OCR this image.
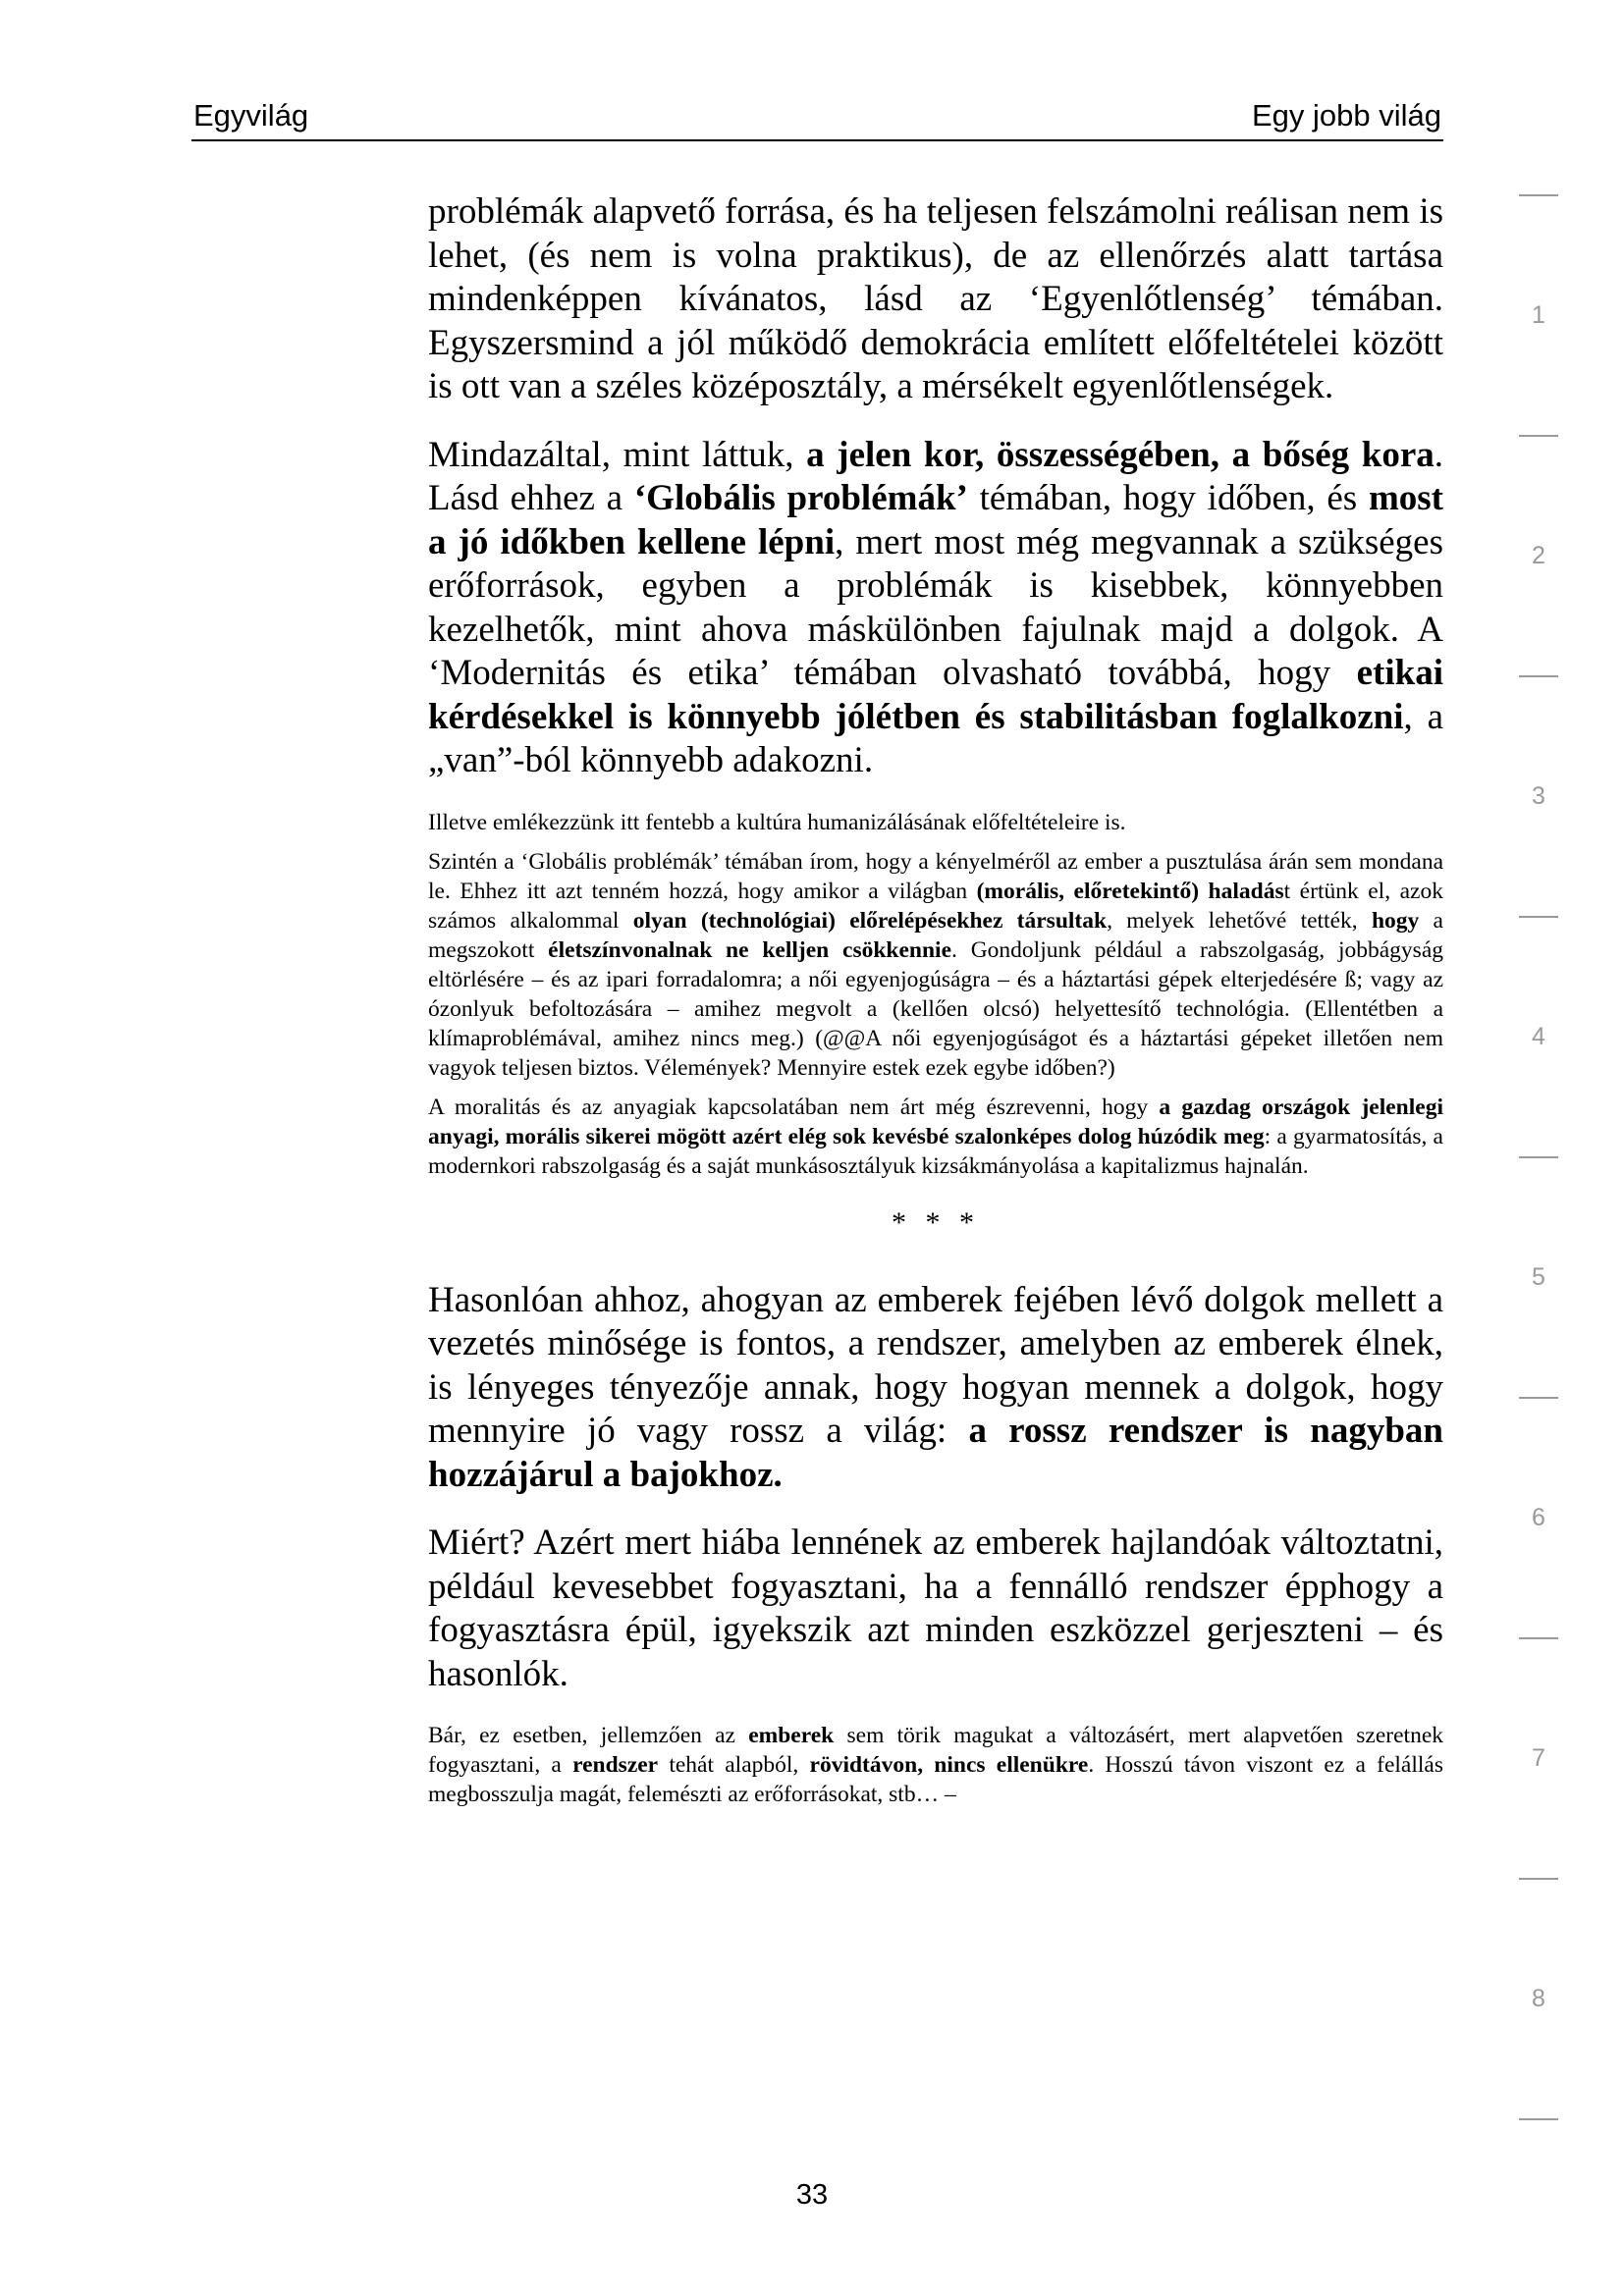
Egyvilág	Egy jobb világ

problémák alapvető forrása, és ha teljesen felszámolni reálisan nem is lehet, (és nem is volna praktikus), de az ellenőrzés alatt tartása mindenképpen kívánatos, lásd az ‘Egyenlőtlenség’ témában. Egyszersmind a jól működő demokrácia említett előfeltételei között is ott van a széles középosztály, a mérsékelt egyenlőtlenségek.

Mindazáltal, mint láttuk, a jelen kor, összességében, a bőség kora. Lásd ehhez a ‘Globális problémák’ témában, hogy időben, és most a jó időkben kellene lépni, mert most még megvannak a szükséges erőforrások, egyben a problémák is kisebbek, könnyebben kezelhetők, mint ahova máskülönben fajulnak majd a dolgok. A ‘Modernitás és etika’ témában olvasható továbbá, hogy etikai kérdésekkel is könnyebb jólétben és stabilitásban foglalkozni, a „van”-ból könnyebb adakozni.

Illetve emlékezzünk itt fentebb a kultúra humanizálásának előfeltételeire is.

Szintén a ‘Globális problémák’ témában írom, hogy a kényelméről az ember a pusztulása árán sem mondana le. Ehhez itt azt tenném hozzá, hogy amikor a világban (morális, előretekintő) haladást értünk el, azok számos alkalommal olyan (technológiai) előrelépésekhez társultak, melyek lehetővé tették, hogy a megszokott életszínvonalnak ne kelljen csökkennie. Gondoljunk például a rabszolgaság, jobbágyság eltörlésére – és az ipari forradalomra; a női egyenjogúságra – és a háztartási gépek elterjedésére ß; vagy az ózonlyuk befoltozására – amihez megvolt a (kellően olcsó) helyettesítő technológia. (Ellentétben a klímaproblémával, amihez nincs meg.) (@@A női egyenjogúságot és a háztartási gépeket illetően nem vagyok teljesen biztos. Vélemények? Mennyire estek ezek egybe időben?)

A moralitás és az anyagiak kapcsolatában nem árt még észrevenni, hogy a gazdag országok jelenlegi anyagi, morális sikerei mögött azért elég sok kevésbé szalonképes dolog húzódik meg: a gyarmatosítás, a modernkori rabszolgaság és a saját munkásosztályuk kizsákmányolása a kapitalizmus hajnalán.

* * *

Hasonlóan ahhoz, ahogyan az emberek fejében lévő dolgok mellett a vezetés minősége is fontos, a rendszer, amelyben az emberek élnek, is lényeges tényezője annak, hogy hogyan mennek a dolgok, hogy mennyire jó vagy rossz a világ: a rossz rendszer is nagyban hozzájárul a bajokhoz.

Miért? Azért mert hiába lennének az emberek hajlandóak változtatni, például kevesebbet fogyasztani, ha a fennálló rendszer épphogy a fogyasztásra épül, igyekszik azt minden eszközzel gerjeszteni – és hasonlók.

Bár, ez esetben, jellemzően az emberek sem törik magukat a változásért, mert alapvetően szeretnek fogyasztani, a rendszer tehát alapból, rövidtávon, nincs ellenükre. Hosszú távon viszont ez a felállás megbosszulja magát, felemészti az erőforrásokat, stb… –

1
2
3
4
5
6
7
8
33
